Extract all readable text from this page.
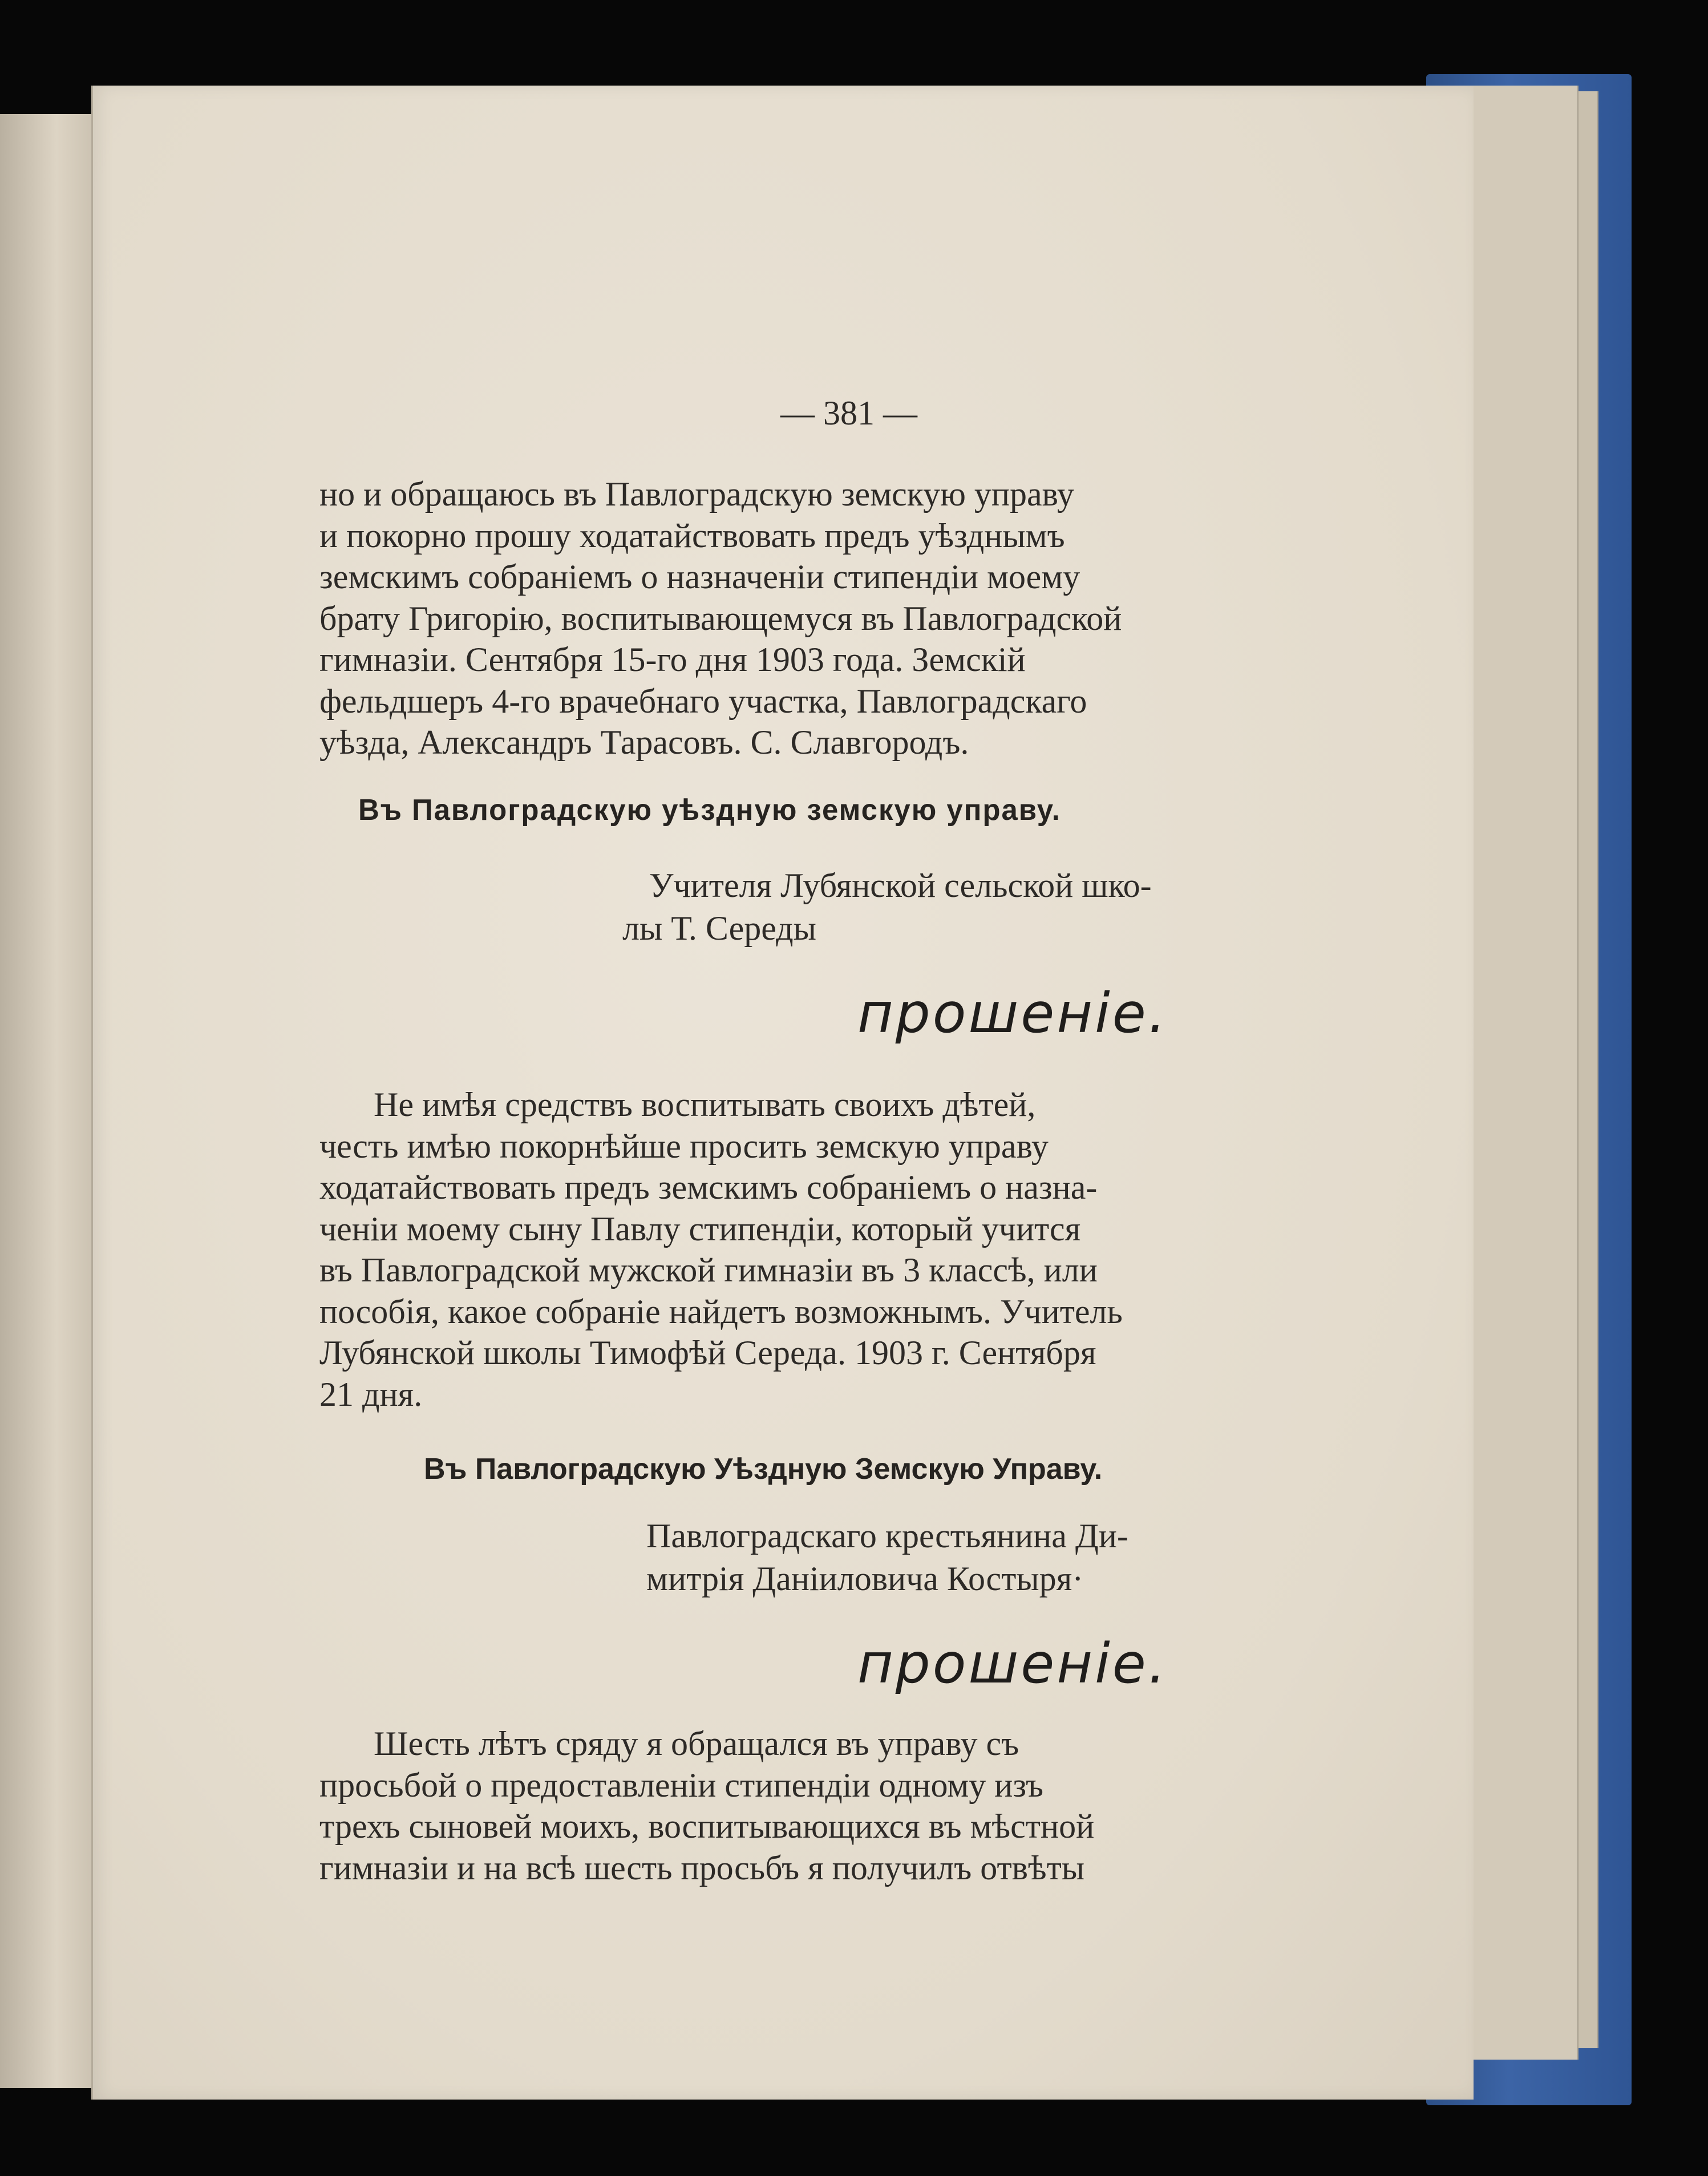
— 381 —
но и обращаюсь въ Павлоградскую земскую управу
и покорно прошу ходатайствовать предъ уѣзднымъ
земскимъ собраніемъ о назначеніи стипендіи моему
брату Григорію, воспитывающемуся въ Павлоградской
гимназіи. Сентября 15-го дня 1903 года. Земскій
фельдшеръ 4-го врачебнаго участка, Павлоградскаго
уѣзда, Александръ Тарасовъ. С. Славгородъ.
Въ Павлоградскую уѣздную земскую управу.
Учителя Лубянской сельской шко-
лы Т. Середы
прошеніе.
Не имѣя средствъ воспитывать своихъ дѣтей,
честь имѣю покорнѣйше просить земскую управу
ходатайствовать предъ земскимъ собраніемъ о назна-
ченіи моему сыну Павлу стипендіи, который учится
въ Павлоградской мужской гимназіи въ 3 классѣ, или
пособія, какое собраніе найдетъ возможнымъ. Учитель
Лубянской школы Тимофѣй Середа. 1903 г. Сентября
21 дня.
Въ Павлоградскую Уѣздную Земскую Управу.
Павлоградскаго крестьянина Ди-
митрія Даніиловича Костыря·
прошеніе.
Шесть лѣтъ сряду я обращался въ управу съ
просьбой о предоставленіи стипендіи одному изъ
трехъ сыновей моихъ, воспитывающихся въ мѣстной
гимназіи и на всѣ шесть просьбъ я получилъ отвѣты
